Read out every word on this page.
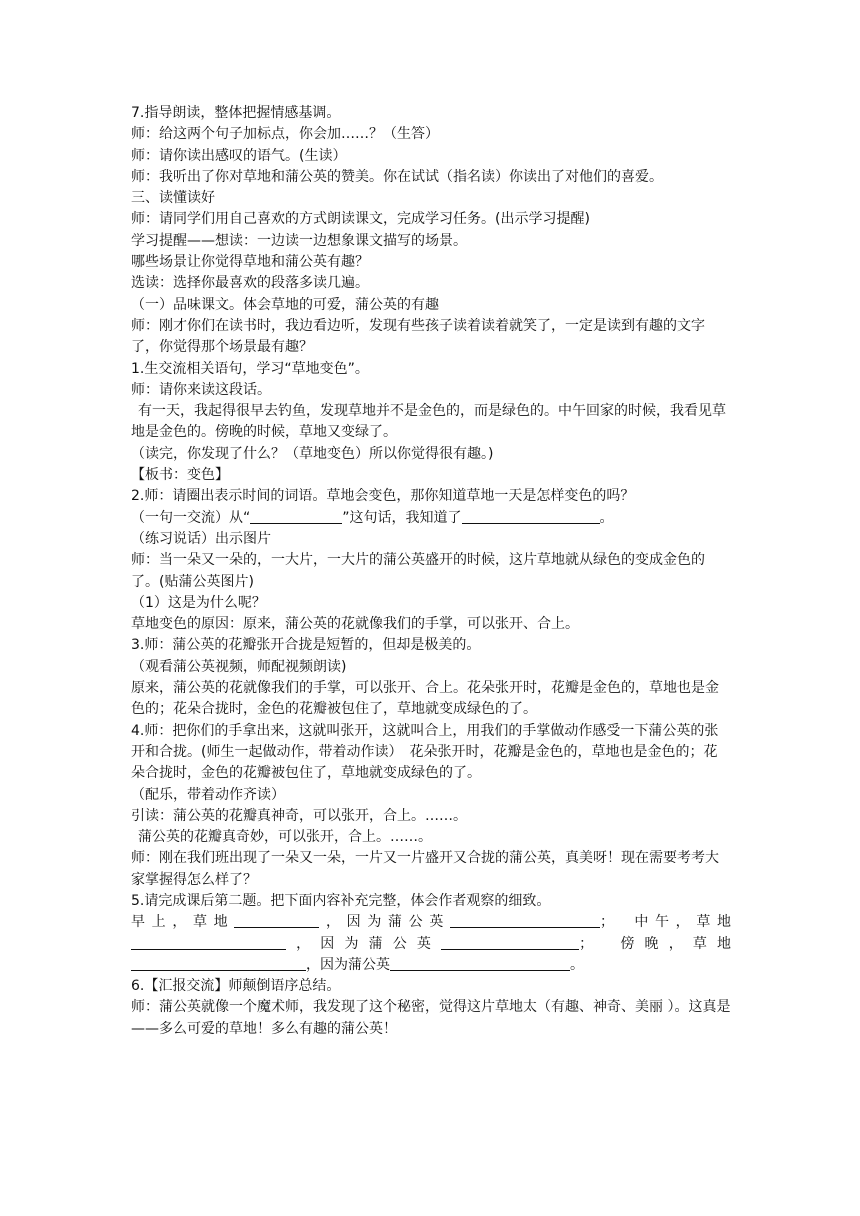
7.指导朗读，整体把握情感基调。

师：给这两个句子加标点，你会加……？（生答）

师：请你读出感叹的语气。(生读）

师：我听出了你对草地和蒲公英的赞美。你在试试（指名读）你读出了对他们的喜爱。

三、读懂读好

师：请同学们用自己喜欢的方式朗读课文，完成学习任务。(出示学习提醒)

学习提醒——想读：一边读一边想象课文描写的场景。

哪些场景让你觉得草地和蒲公英有趣？

选读：选择你最喜欢的段落多读几遍。

（一）品味课文。体会草地的可爱，蒲公英的有趣

师：刚才你们在读书时，我边看边听，发现有些孩子读着读着就笑了，一定是读到有趣的文字了，你觉得那个场景最有趣？

1.生交流相关语句，学习“草地变色”。

师：请你来读这段话。

有一天，我起得很早去钓鱼，发现草地并不是金色的，而是绿色的。中午回家的时候，我看见草地是金色的。傍晚的时候，草地又变绿了。

（读完，你发现了什么？（草地变色）所以你觉得很有趣。)

【板书：变色】

2.师：请圈出表示时间的词语。草地会变色，那你知道草地一天是怎样变色的吗？

（一句一交流）从“	”这句话，我知道了	。

（练习说话）出示图片

师：当一朵又一朵的，一大片，一大片的蒲公英盛开的时候，这片草地就从绿色的变成金色的了。(贴蒲公英图片)

（1）这是为什么呢？

草地变色的原因：原来，蒲公英的花就像我们的手掌，可以张开、合上。

3.师：蒲公英的花瓣张开合拢是短暂的，但却是极美的。

（观看蒲公英视频，师配视频朗读)

原来，蒲公英的花就像我们的手掌，可以张开、合上。花朵张开时，花瓣是金色的，草地也是金色的；花朵合拢时，金色的花瓣被包住了，草地就变成绿色的了。

4.师：把你们的手拿出来，这就叫张开，这就叫合上，用我们的手掌做动作感受一下蒲公英的张开和合拢。(师生一起做动作，带着动作读）　花朵张开时，花瓣是金色的，草地也是金色的；花朵合拢时，金色的花瓣被包住了，草地就变成绿色的了。

（配乐，带着动作齐读）

引读：蒲公英的花瓣真神奇，可以张开，合上。……。

蒲公英的花瓣真奇妙，可以张开，合上。……。

师：刚在我们班出现了一朵又一朵，一片又一片盛开又合拢的蒲公英，真美呀！现在需要考考大家掌握得怎么样了？

5.请完成课后第二题。把下面内容补充完整，体会作者观察的细致。

早上，草地	，因为蒲公英	；　中午，草地

，因为蒲公英	；　傍晚，草地

，因为蒲公英	。

6.【汇报交流】师颠倒语序总结。

师：蒲公英就像一个魔术师，我发现了这个秘密，觉得这片草地太（有趣、神奇、美丽 ）。这真是——多么可爱的草地！多么有趣的蒲公英！
